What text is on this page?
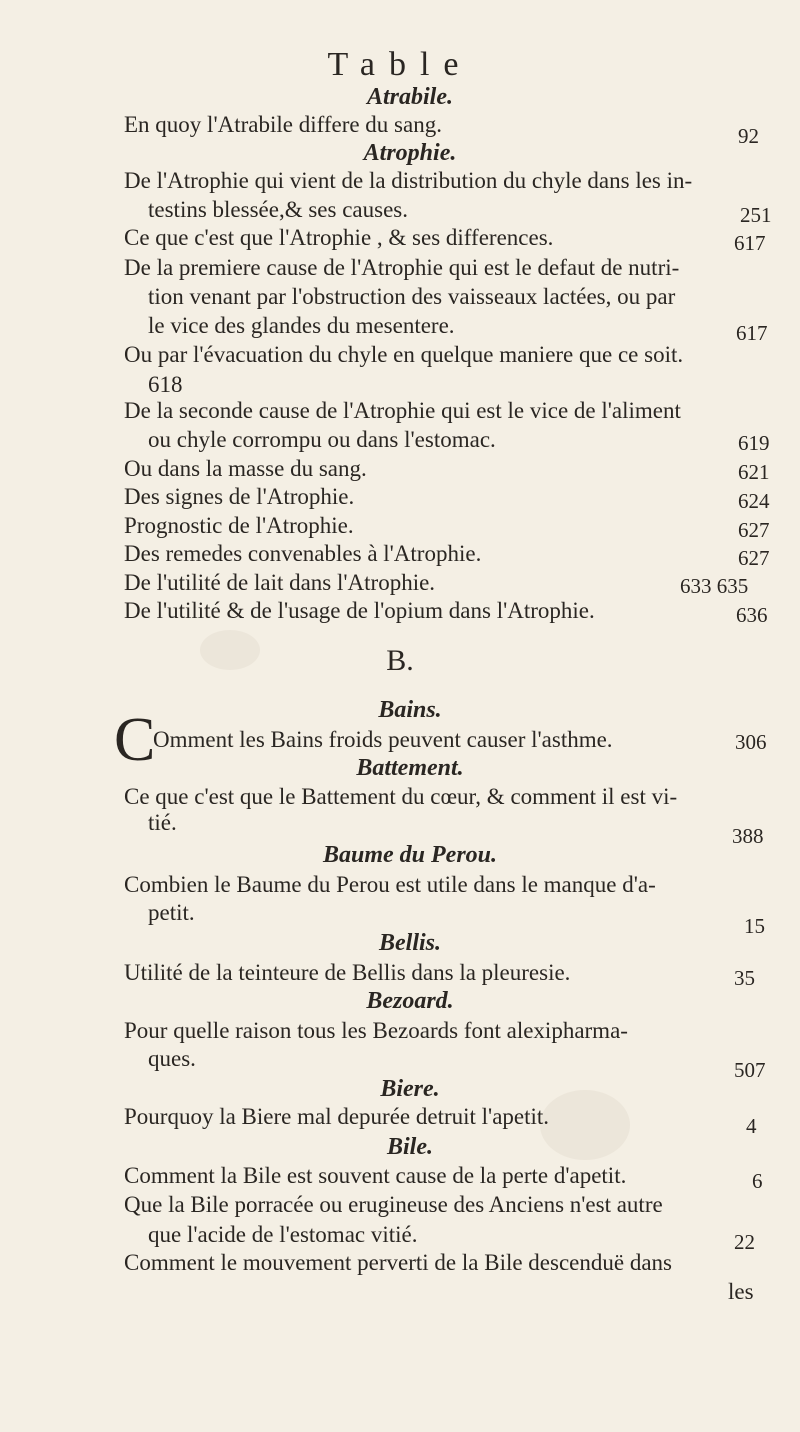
Table
Atrabile.
En quoy l'Atrabile differe du sang.	92
Atrophie.
De l'Atrophie qui vient de la distribution du chyle dans les in-
testins blessée,& ses causes.	251
Ce que c'est que l'Atrophie , & ses differences.	617
De la premiere cause de l'Atrophie qui est le defaut de nutri-
tion venant par l'obstruction des vaisseaux lactées, ou par
le vice des glandes du mesentere.	617
Ou par l'évacuation du chyle en quelque maniere que ce soit.
618
De la seconde cause de l'Atrophie qui est le vice de l'aliment
ou chyle corrompu ou dans l'estomac.	619
Ou dans la masse du sang.	621
Des signes de l'Atrophie.	624
Prognostic de l'Atrophie.	627
Des remedes convenables à l'Atrophie.	627
De l'utilité de lait dans l'Atrophie.	633 635
De l'utilité & de l'usage de l'opium dans l'Atrophie.	636
B.
Bains.
C
Omment les Bains froids peuvent causer l'asthme.	306
Battement.
Ce que c'est que le Battement du cœur, & comment il est vi-
tié.
388
Baume du Perou.
Combien le Baume du Perou est utile dans le manque d'a-
petit.
15
Bellis.
Utilité de la teinteure de Bellis dans la pleuresie.	35
Bezoard.
Pour quelle raison tous les Bezoards font alexipharma-
ques.	507
Biere.
Pourquoy la Biere mal depurée detruit l'apetit.	4
Bile.
Comment la Bile est souvent cause de la perte d'apetit.	6
Que la Bile porracée ou erugineuse des Anciens n'est autre
que l'acide de l'estomac vitié.	22
Comment le mouvement perverti de la Bile descenduë dans
les
